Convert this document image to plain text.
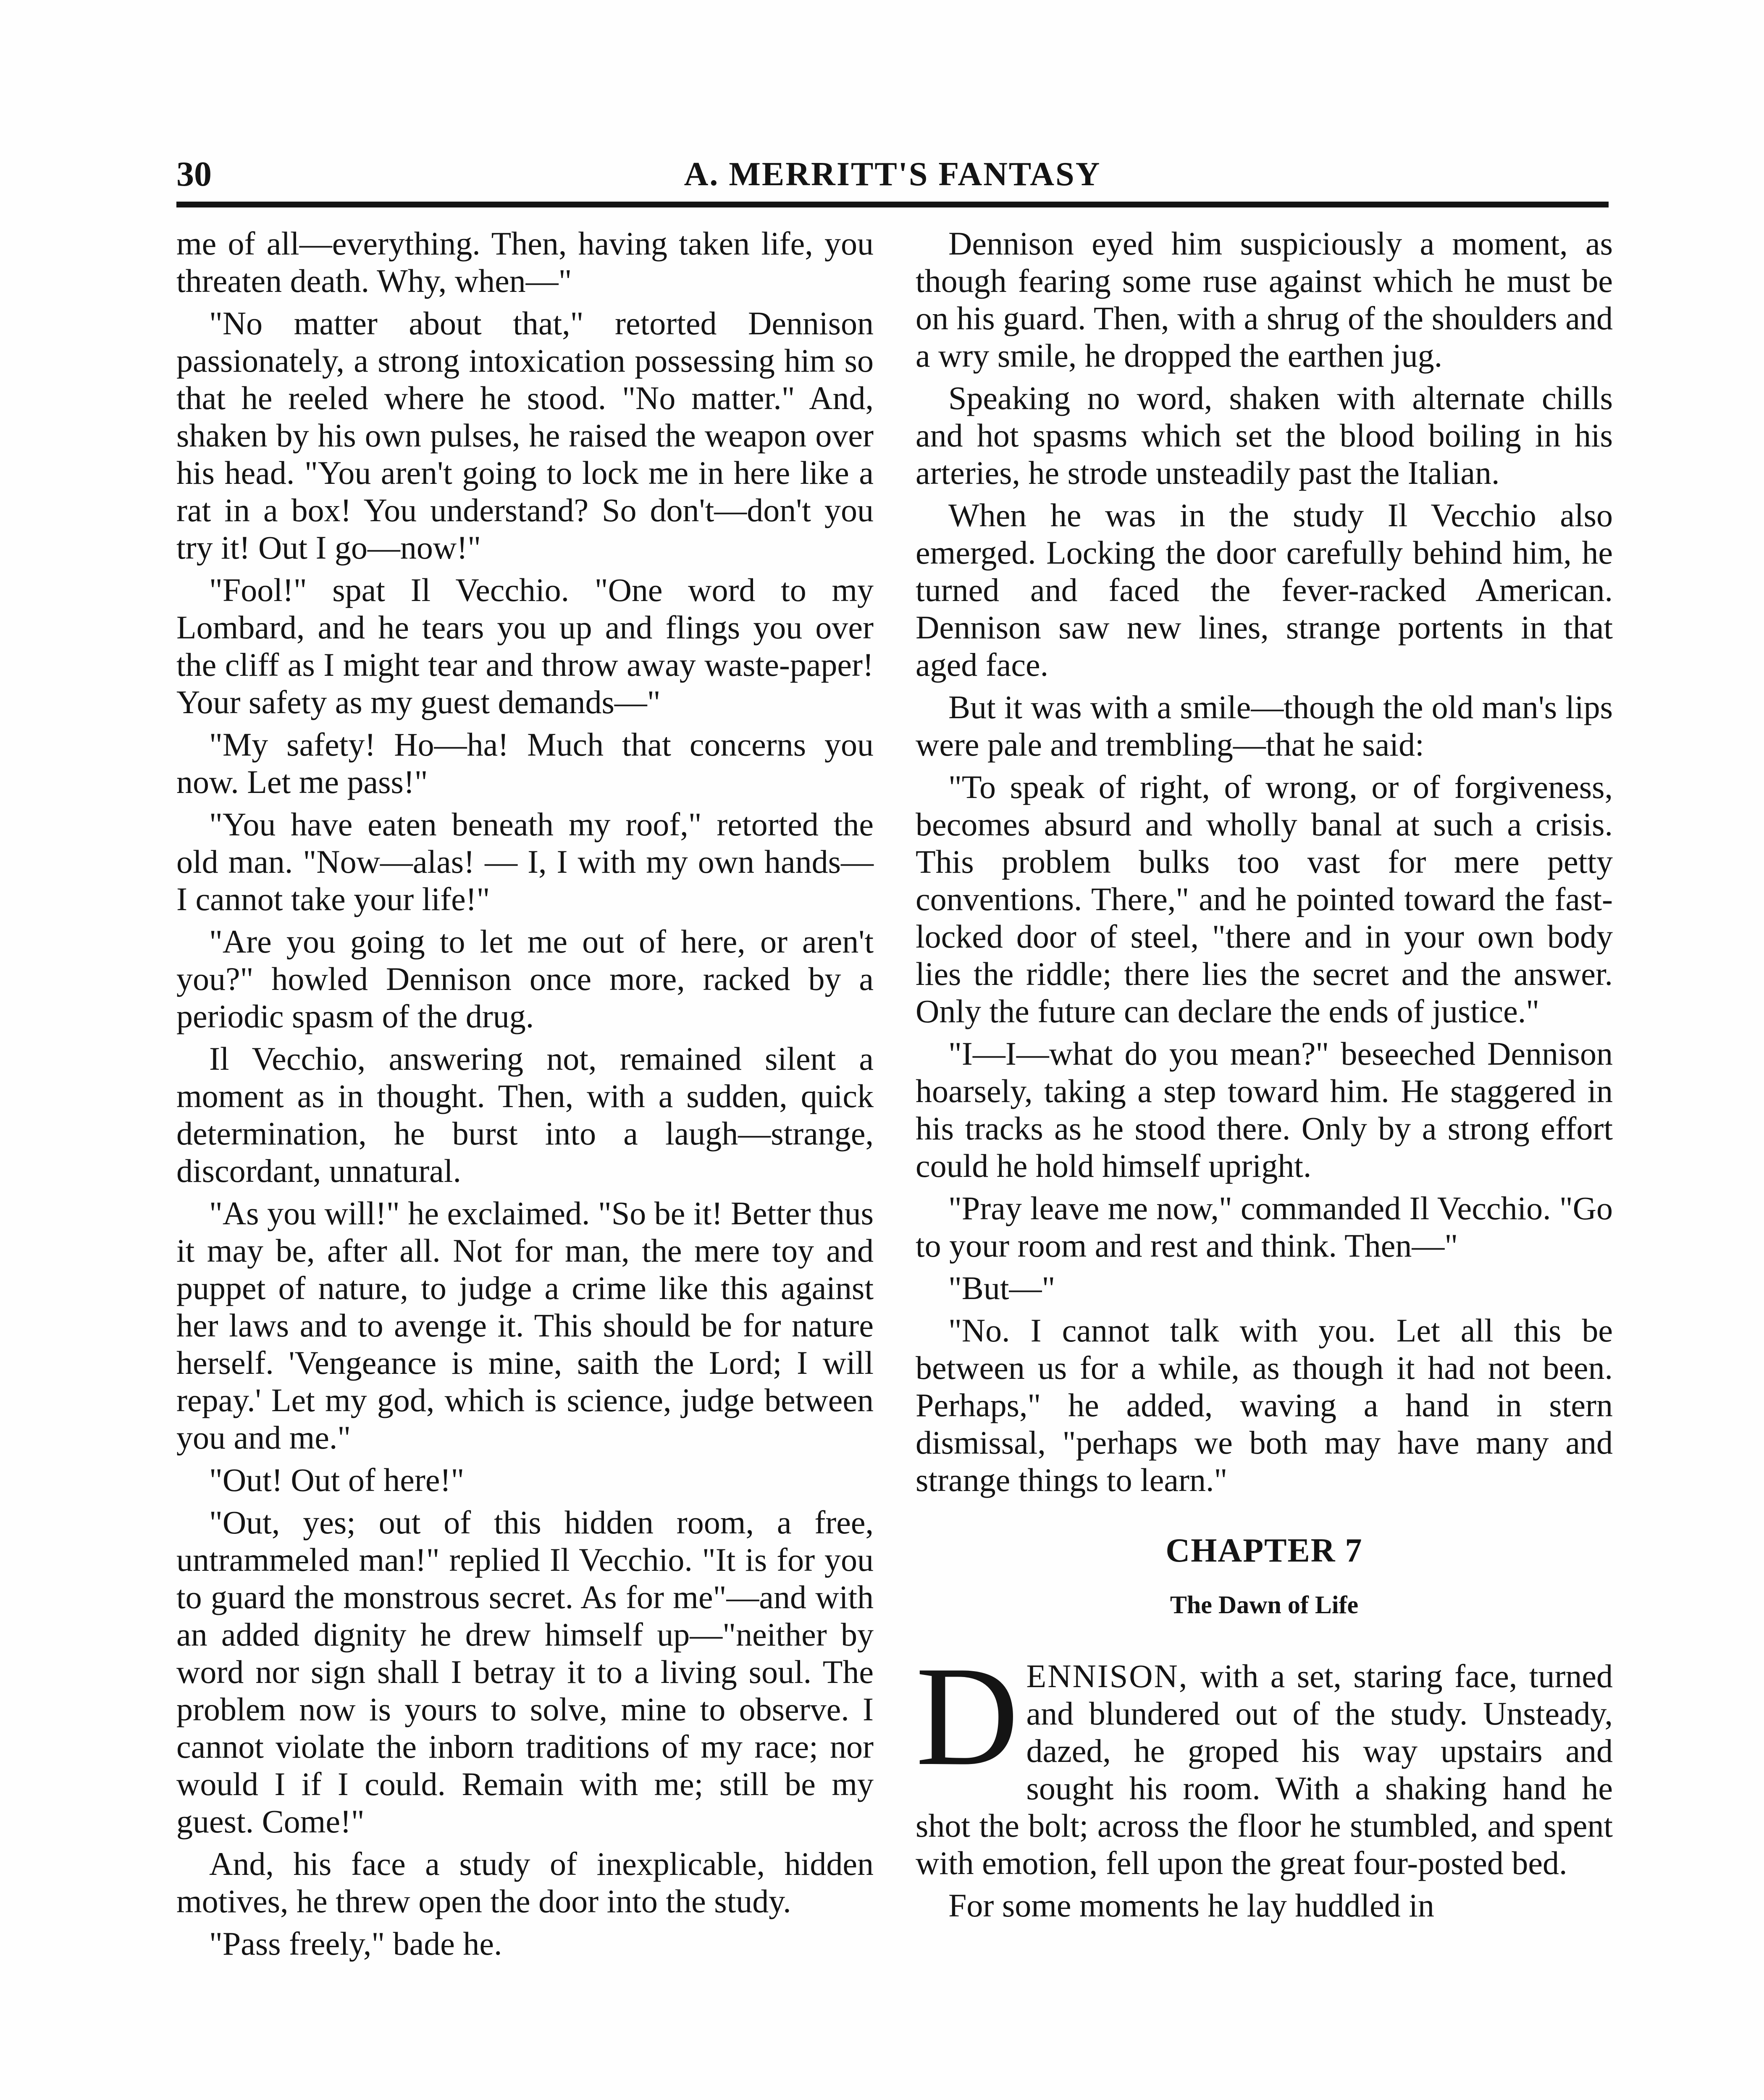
30	A. MERRITT'S FANTASY

me of all—everything. Then, having taken life, you threaten death. Why, when—"

"No matter about that," retorted Dennison passionately, a strong intoxication possessing him so that he reeled where he stood. "No matter." And, shaken by his own pulses, he raised the weapon over his head. "You aren't going to lock me in here like a rat in a box! You understand? So don't—don't you try it! Out I go—now!"

"Fool!" spat Il Vecchio. "One word to my Lombard, and he tears you up and flings you over the cliff as I might tear and throw away waste-paper! Your safety as my guest demands—"

"My safety! Ho—ha! Much that concerns you now. Let me pass!"

"You have eaten beneath my roof," retorted the old man. "Now—alas! — I, I with my own hands— I cannot take your life!"

"Are you going to let me out of here, or aren't you?" howled Dennison once more, racked by a periodic spasm of the drug.

Il Vecchio, answering not, remained silent a moment as in thought. Then, with a sudden, quick determination, he burst into a laugh—strange, discordant, unnatural.

"As you will!" he exclaimed. "So be it! Better thus it may be, after all. Not for man, the mere toy and puppet of nature, to judge a crime like this against her laws and to avenge it. This should be for nature herself. 'Vengeance is mine, saith the Lord; I will repay.' Let my god, which is science, judge between you and me."

"Out! Out of here!"

"Out, yes; out of this hidden room, a free, untrammeled man!" replied Il Vecchio. "It is for you to guard the monstrous secret. As for me"—and with an added dignity he drew himself up—"neither by word nor sign shall I betray it to a living soul. The problem now is yours to solve, mine to observe. I cannot violate the inborn traditions of my race; nor would I if I could. Remain with me; still be my guest. Come!"

And, his face a study of inexplicable, hidden motives, he threw open the door into the study.

"Pass freely," bade he.

Dennison eyed him suspiciously a moment, as though fearing some ruse against which he must be on his guard. Then, with a shrug of the shoulders and a wry smile, he dropped the earthen jug.

Speaking no word, shaken with alternate chills and hot spasms which set the blood boiling in his arteries, he strode unsteadily past the Italian.

When he was in the study Il Vecchio also emerged. Locking the door carefully behind him, he turned and faced the fever-racked American. Dennison saw new lines, strange portents in that aged face.

But it was with a smile—though the old man's lips were pale and trembling—that he said:

"To speak of right, of wrong, or of forgiveness, becomes absurd and wholly banal at such a crisis. This problem bulks too vast for mere petty conventions. There," and he pointed toward the fast-locked door of steel, "there and in your own body lies the riddle; there lies the secret and the answer. Only the future can declare the ends of justice."

"I—I—what do you mean?" beseeched Dennison hoarsely, taking a step toward him. He staggered in his tracks as he stood there. Only by a strong effort could he hold himself upright.

"Pray leave me now," commanded Il Vecchio. "Go to your room and rest and think. Then—"

"But—"

"No. I cannot talk with you. Let all this be between us for a while, as though it had not been. Perhaps," he added, waving a hand in stern dismissal, "perhaps we both may have many and strange things to learn."

CHAPTER 7
The Dawn of Life

DENNISON, with a set, staring face, turned and blundered out of the study. Unsteady, dazed, he groped his way upstairs and sought his room. With a shaking hand he shot the bolt; across the floor he stumbled, and spent with emotion, fell upon the great four-posted bed.

For some moments he lay huddled in
